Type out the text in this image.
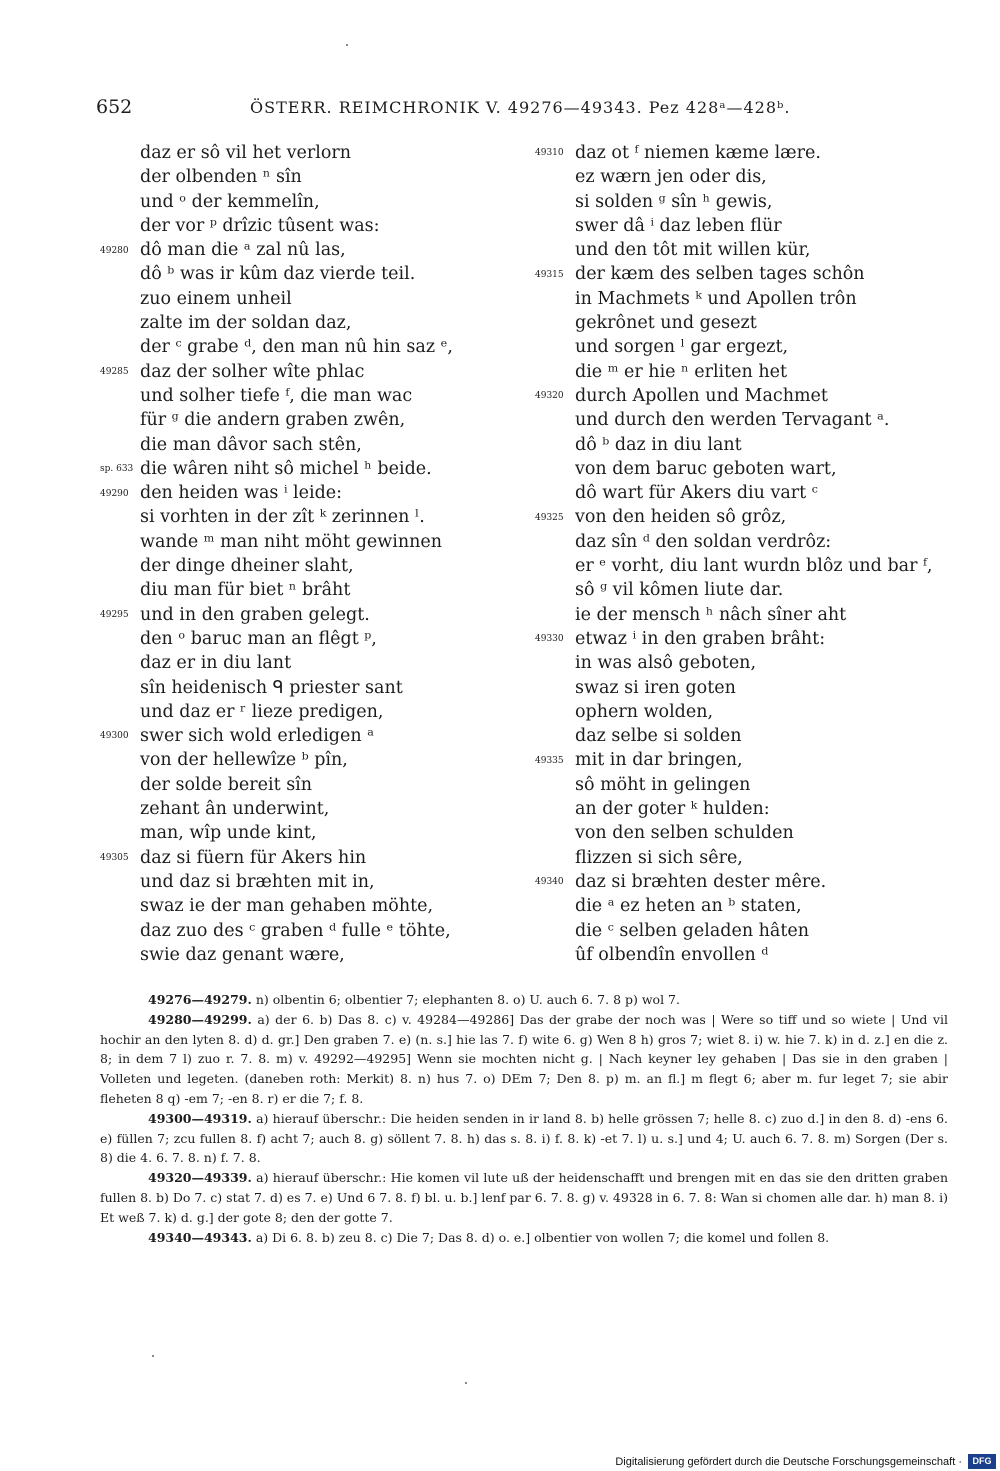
652	ÖSTERR. REIMCHRONIK V. 49276—49343. Pez 428ᵃ—428ᵇ.
daz er sô vil het verlorn
der olbenden ⁿ sîn
und ᵒ der kemmelîn,
der vor ᵖ drîzic tûsent was:
49280 dô man die ᵃ zal nû las,
dô ᵇ was ir kûm daz vierde teil.
zuo einem unheil
zalte im der soldan daz,
der ᶜ grabe ᵈ, den man nû hin saz ᵉ,
49285 daz der solher wîte phlac
und solher tiefe ᶠ, die man wac
für ᵍ die andern graben zwên,
die man dâvor sach stên,
sp. 633 die wâren niht sô michel ʰ beide.
49290 den heiden was ⁱ leide:
si vorhten in der zît ᵏ zerinnen ˡ.
wande ᵐ man niht möht gewinnen
der dinge dheiner slaht,
diu man für biet ⁿ brâht
49295 und in den graben gelegt.
den ᵒ baruc man an flêgt ᵖ,
daz er in diu lant
sîn heidenisch ᑫ priester sant
und daz er ʳ lieze predigen,
49300 swer sich wold erledigen ᵃ
von der hellewîze ᵇ pîn,
der solde bereit sîn
zehant ân underwint,
man, wîp unde kint,
49305 daz si füern für Akers hin
und daz si bræhten mit in,
swaz ie der man gehaben möhte,
daz zuo des ᶜ graben ᵈ fulle ᵉ töhte,
swie daz genant wære,
49310 daz ot ᶠ niemen kæme lære.
ez wærn jen oder dis,
si solden ᵍ sîn ʰ gewis,
swer dâ ⁱ daz leben flür
und den tôt mit willen kür,
49315 der kæm des selben tages schôn
in Machmets ᵏ und Apollen trôn
gekrônet und gesezt
und sorgen ˡ gar ergezt,
die ᵐ er hie ⁿ erliten het
49320 durch Apollen und Machmet
und durch den werden Tervagant ᵃ.
dô ᵇ daz in diu lant
von dem baruc geboten wart,
dô wart für Akers diu vart ᶜ
49325 von den heiden sô grôz,
daz sîn ᵈ den soldan verdrôz:
er ᵉ vorht, diu lant wurdn blôz und bar ᶠ,
sô ᵍ vil kômen liute dar.
ie der mensch ʰ nâch sîner aht
49330 etwaz ⁱ in den graben brâht:
in was alsô geboten,
swaz si iren goten
ophern wolden,
daz selbe si solden
49335 mit in dar bringen,
sô möht in gelingen
an der goter ᵏ hulden:
von den selben schulden
flizzen si sich sêre,
49340 daz si bræhten dester mêre.
die ᵃ ez heten an ᵇ staten,
die ᶜ selben geladen hâten
ûf olbendîn envollen ᵈ

49276—49279. n) olbentin 6; olbentier 7; elephanten 8. o) U. auch 6. 7. 8 p) wol 7.

49280—49299. a) der 6. b) Das 8. c) v. 49284—49286] Das der grabe der noch was | Were so tiff und so wiete | Und vil hochir an den lyten 8. d) d. gr.] Den graben 7. e) (n. s.] hie las 7. f) wite 6. g) Wen 8 h) gros 7; wiet 8. i) w. hie 7. k) in d. z.] en die z. 8; in dem 7 l) zuo r. 7. 8. m) v. 49292—49295] Wenn sie mochten nicht g. | Nach keyner ley gehaben | Das sie in den graben | Volleten und legeten. (daneben roth: Merkit) 8. n) hus 7. o) DEm 7; Den 8. p) m. an fl.] m flegt 6; aber m. fur leget 7; sie abir fleheten 8 q) -em 7; -en 8. r) er die 7; f. 8.

49300—49319. a) hierauf überschr.: Die heiden senden in ir land 8. b) helle grössen 7; helle 8. c) zuo d.] in den 8. d) -ens 6. e) füllen 7; zcu fullen 8. f) acht 7; auch 8. g) söllent 7. 8. h) das s. 8. i) f. 8. k) -et 7. l) u. s.] und 4; U. auch 6. 7. 8. m) Sorgen (Der s. 8) die 4. 6. 7. 8. n) f. 7. 8.

49320—49339. a) hierauf überschr.: Hie komen vil lute uß der heidenschafft und brengen mit en das sie den dritten graben fullen 8. b) Do 7. c) stat 7. d) es 7. e) Und 6 7. 8. f) bl. u. b.] lenf par 6. 7. 8. g) v. 49328 in 6. 7. 8: Wan si chomen alle dar. h) man 8. i) Et weß 7. k) d. g.] der gote 8; den der gotte 7.

49340—49343. a) Di 6. 8. b) zeu 8. c) Die 7; Das 8. d) o. e.] olbentier von wollen 7; die komel und follen 8.

Digitalisierung gefördert durch die Deutsche Forschungsgemeinschaft ·	DFG
